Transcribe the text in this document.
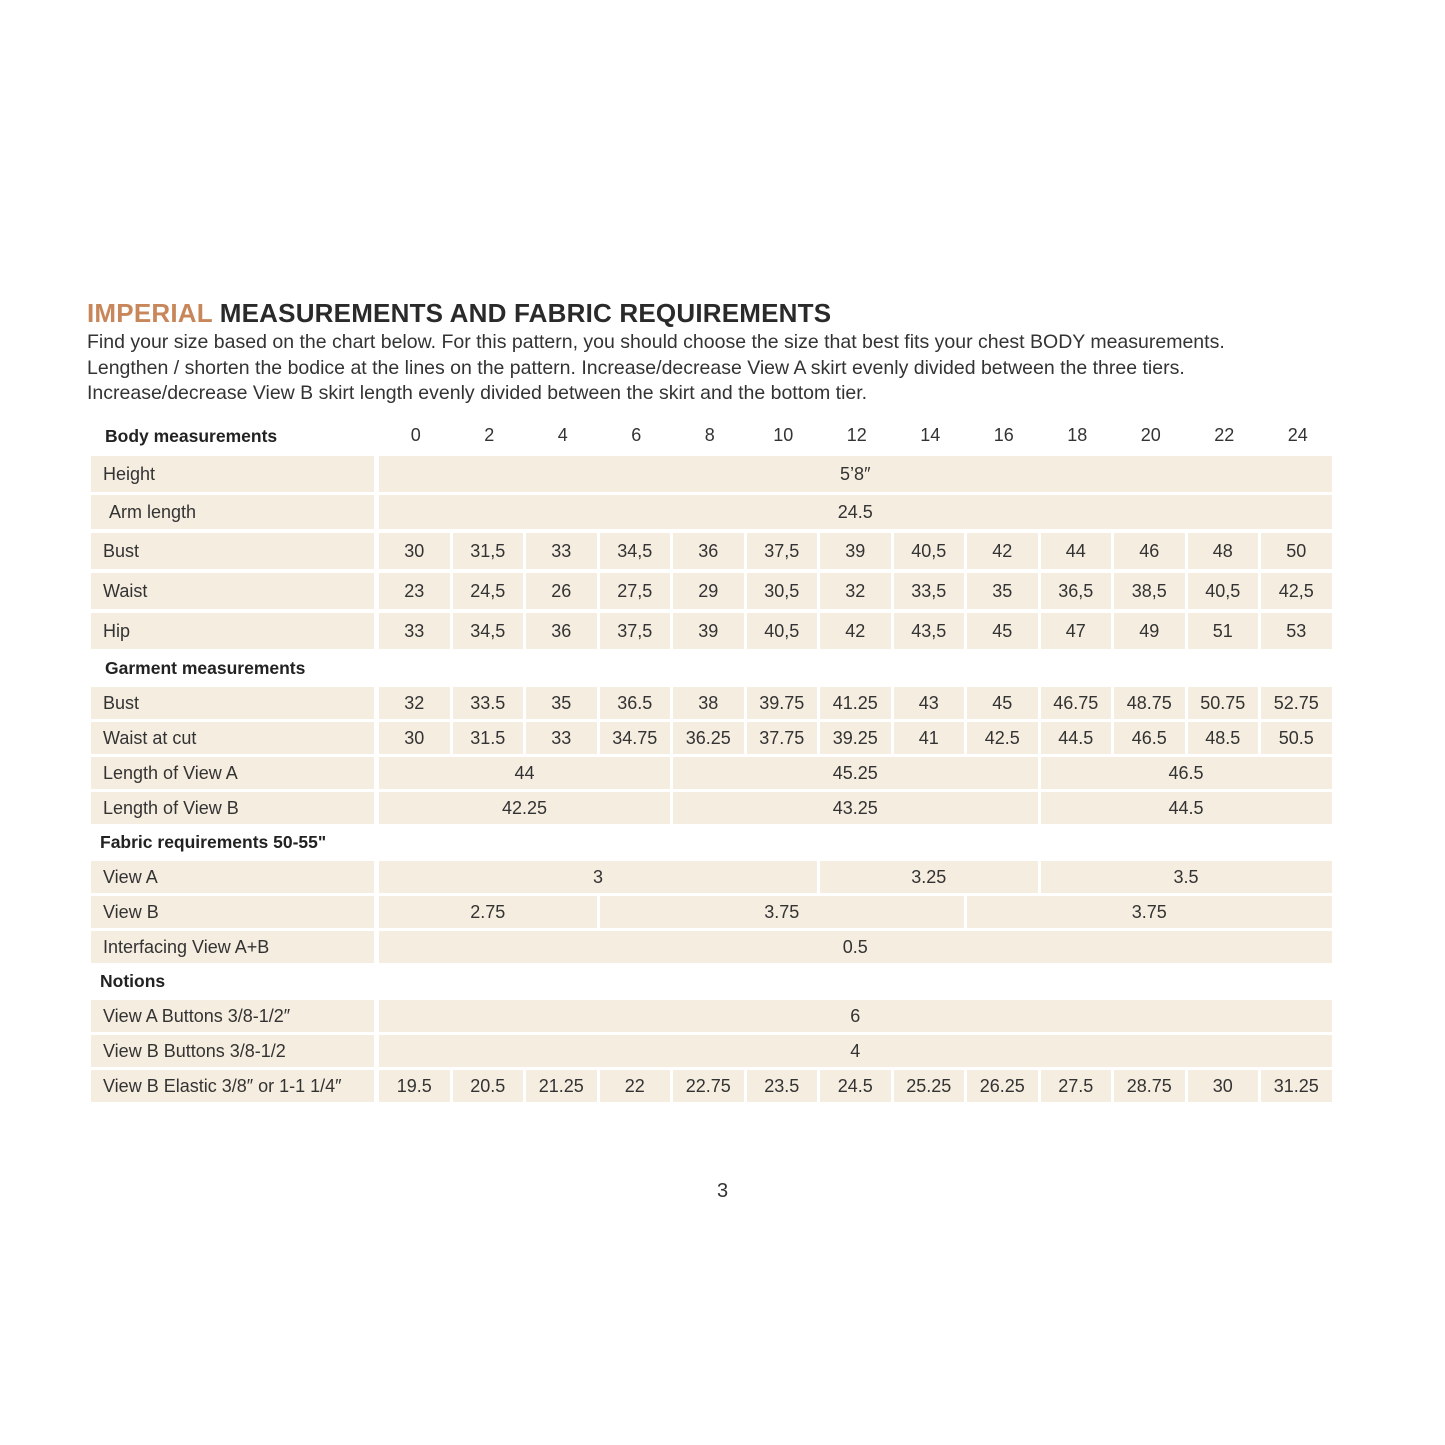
IMPERIAL MEASUREMENTS AND FABRIC REQUIREMENTS

Find your size based on the chart below. For this pattern, you should choose the size that best fits your chest BODY measurements.

Lengthen / shorten the bodice at the lines on the pattern. Increase/decrease View A skirt evenly divided between the three tiers.

Increase/decrease View B skirt length evenly divided between the skirt and the bottom tier.

Body measurements	0	2	4	6	8	10	12	14	16	18	20	22	24
Height	5’8″
Arm length	24.5
Bust	30	31,5	33	34,5	36	37,5	39	40,5	42	44	46	48	50
Waist	23	24,5	26	27,5	29	30,5	32	33,5	35	36,5	38,5	40,5	42,5
Hip	33	34,5	36	37,5	39	40,5	42	43,5	45	47	49	51	53
Garment measurements
Bust	32	33.5	35	36.5	38	39.75	41.25	43	45	46.75	48.75	50.75	52.75
Waist at cut	30	31.5	33	34.75	36.25	37.75	39.25	41	42.5	44.5	46.5	48.5	50.5
Length of View A	44	45.25	46.5
Length of View B	42.25	43.25	44.5
Fabric requirements 50-55"
View A	3	3.25	3.5
View B	2.75	3.75	3.75
Interfacing View A+B	0.5
Notions
View A Buttons 3/8-1/2″	6
View B Buttons 3/8-1/2	4
View B Elastic 3/8″ or 1-1 1/4″	19.5	20.5	21.25	22	22.75	23.5	24.5	25.25	26.25	27.5	28.75	30	31.25
3
